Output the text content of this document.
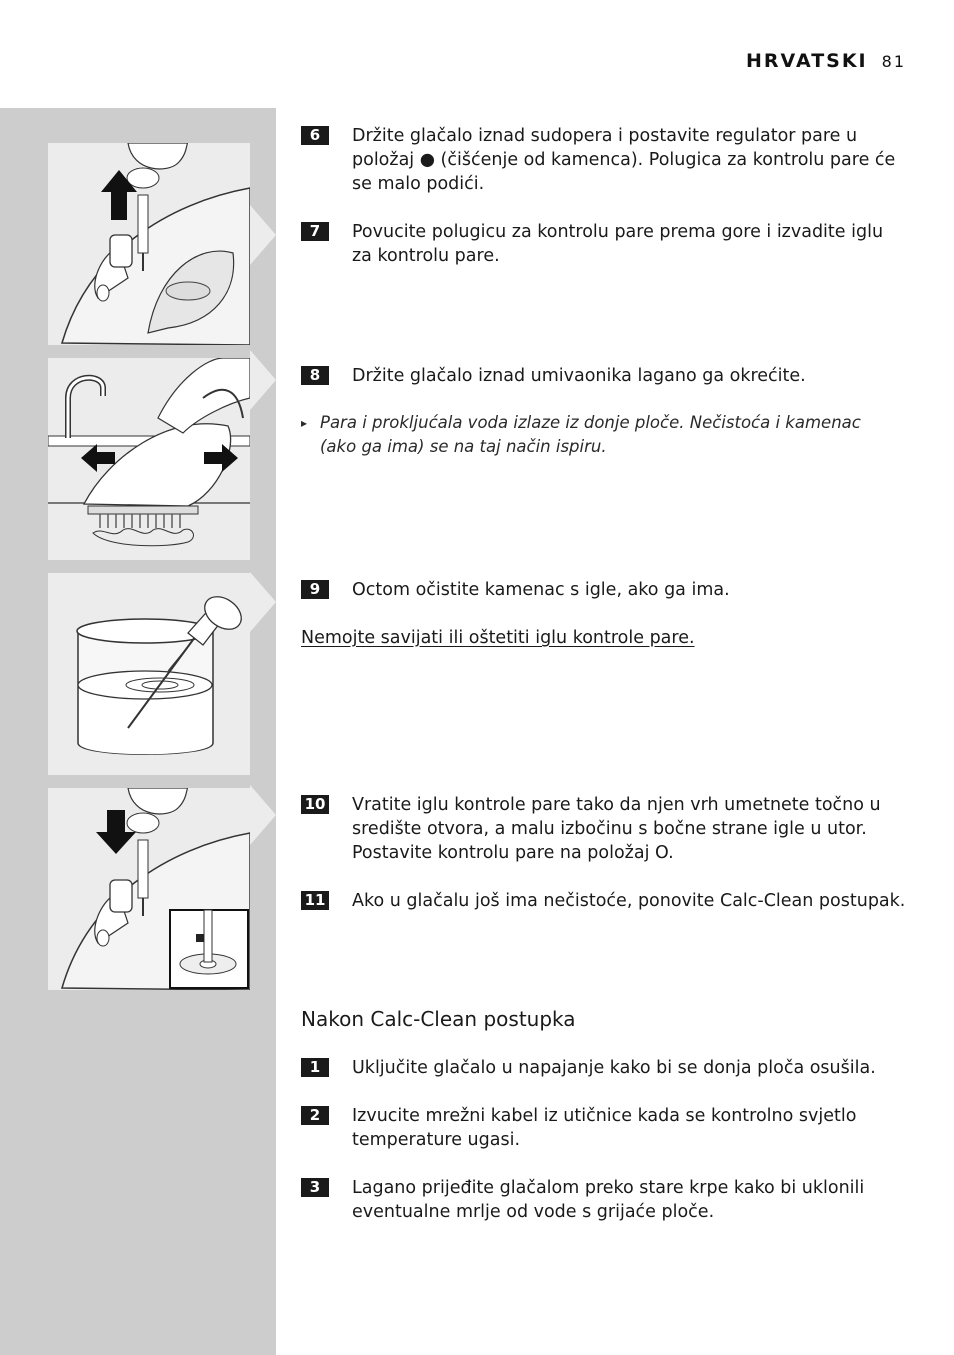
HRVATSKI 81
6	Držite glačalo iznad sudopera i postavite regulator pare u položaj ● (čišćenje od kamenca). Polugica za kontrolu pare će se malo podići.
7	Povucite polugicu za kontrolu pare prema gore i izvadite iglu za kontrolu pare.
8	Držite glačalo iznad umivaonika lagano ga okrećite.
▸ Para i prokljućala voda izlaze iz donje ploče. Nečistoća i kamenac (ako ga ima) se na taj način ispiru.
9	Octom očistite kamenac s igle, ako ga ima.
Nemojte savijati ili oštetiti iglu kontrole pare.
10 Vratite iglu kontrole pare tako da njen vrh umetnete točno u središte otvora, a malu izbočinu s bočne strane igle u utor. Postavite kontrolu pare na položaj O.
11 Ako u glačalu još ima nečistoće, ponovite Calc-Clean postupak.
Nakon Calc-Clean postupka
1	Uključite glačalo u napajanje kako bi se donja ploča osušila.
2	Izvucite mrežni kabel iz utičnice kada se kontrolno svjetlo temperature ugasi.
3	Lagano prijeđite glačalom preko stare krpe kako bi uklonili eventualne mrlje od vode s grijaće ploče.
